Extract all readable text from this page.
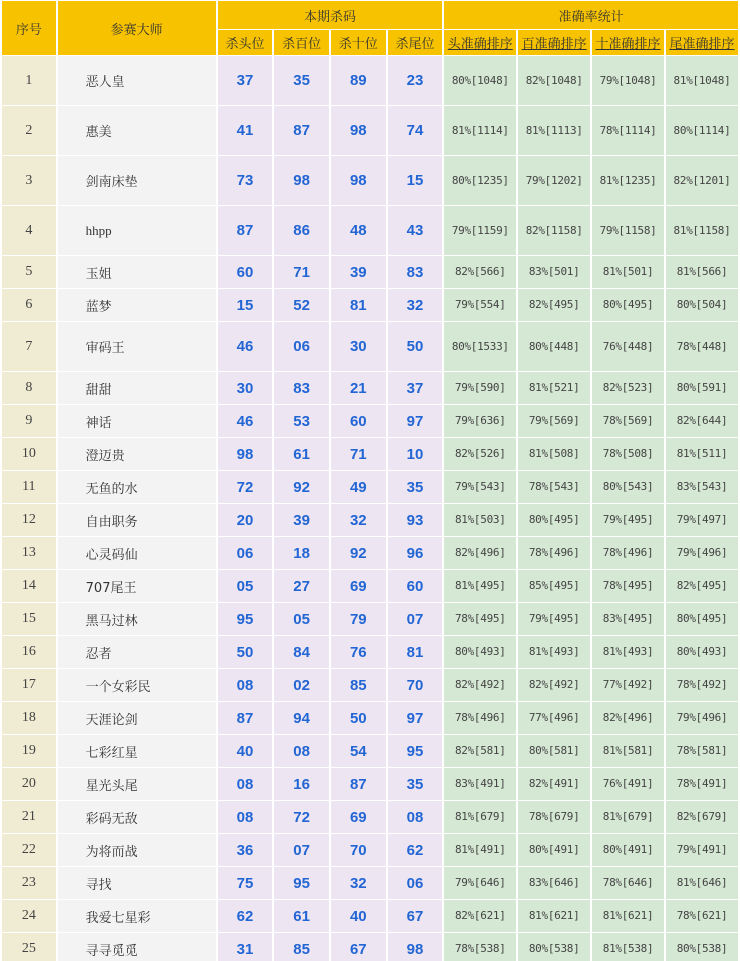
序号	参赛大师	本期杀码				准确率统计			
		杀头位	杀百位	杀十位	杀尾位	头准确排序	百准确排序	十准确排序	尾准确排序
1	恶人皇	37	35	89	23	80%[1048]	82%[1048]	79%[1048]	81%[1048]
2	惠美	41	87	98	74	81%[1114]	81%[1113]	78%[1114]	80%[1114]
3	剑南床垫	73	98	98	15	80%[1235]	79%[1202]	81%[1235]	82%[1201]
4	hhpp	87	86	48	43	79%[1159]	82%[1158]	79%[1158]	81%[1158]
5	玉姐	60	71	39	83	82%[566]	83%[501]	81%[501]	81%[566]
6	蓝梦	15	52	81	32	79%[554]	82%[495]	80%[495]	80%[504]
7	审码王	46	06	30	50	80%[1533]	80%[448]	76%[448]	78%[448]
8	甜甜	30	83	21	37	79%[590]	81%[521]	82%[523]	80%[591]
9	神话	46	53	60	97	79%[636]	79%[569]	78%[569]	82%[644]
10	澄迈贵	98	61	71	10	82%[526]	81%[508]	78%[508]	81%[511]
11	无鱼的水	72	92	49	35	79%[543]	78%[543]	80%[543]	83%[543]
12	自由职务	20	39	32	93	81%[503]	80%[495]	79%[495]	79%[497]
13	心灵码仙	06	18	92	96	82%[496]	78%[496]	78%[496]	79%[496]
14	707尾王	05	27	69	60	81%[495]	85%[495]	78%[495]	82%[495]
15	黑马过林	95	05	79	07	78%[495]	79%[495]	83%[495]	80%[495]
16	忍者	50	84	76	81	80%[493]	81%[493]	81%[493]	80%[493]
17	一个女彩民	08	02	85	70	82%[492]	82%[492]	77%[492]	78%[492]
18	天涯论剑	87	94	50	97	78%[496]	77%[496]	82%[496]	79%[496]
19	七彩红星	40	08	54	95	82%[581]	80%[581]	81%[581]	78%[581]
20	星光头尾	08	16	87	35	83%[491]	82%[491]	76%[491]	78%[491]
21	彩码无敌	08	72	69	08	81%[679]	78%[679]	81%[679]	82%[679]
22	为将而战	36	07	70	62	81%[491]	80%[491]	80%[491]	79%[491]
23	寻找	75	95	32	06	79%[646]	83%[646]	78%[646]	81%[646]
24	我爱七星彩	62	61	40	67	82%[621]	81%[621]	81%[621]	78%[621]
25	寻寻觅觅	31	85	67	98	78%[538]	80%[538]	81%[538]	80%[538]
